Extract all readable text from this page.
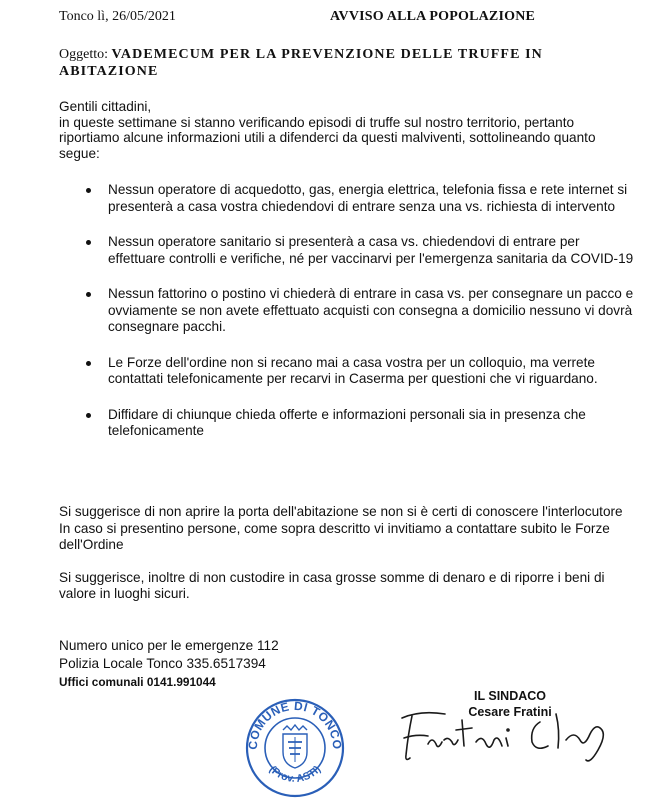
Tonco lì, 26/05/2021	AVVISO ALLA POPOLAZIONE
Oggetto: VADEMECUM PER LA PREVENZIONE DELLE TRUFFE IN ABITAZIONE
Gentili cittadini,
in queste settimane si stanno verificando episodi di truffe sul nostro territorio, pertanto riportiamo alcune informazioni utili a difenderci da questi malviventi, sottolineando quanto segue:
Nessun operatore di acquedotto, gas, energia elettrica, telefonia fissa e rete internet si presenterà a casa vostra chiedendovi di entrare senza una vs. richiesta di intervento
Nessun operatore sanitario si presenterà a casa vs. chiedendovi di entrare per effettuare controlli e verifiche, né per vaccinarvi per l'emergenza sanitaria da COVID-19
Nessun fattorino o postino vi chiederà di entrare in casa vs. per consegnare un pacco e ovviamente se non avete effettuato acquisti con consegna a domicilio nessuno vi dovrà consegnare pacchi.
Le Forze dell'ordine non si recano mai a casa vostra per un colloquio, ma verrete contattati telefonicamente per recarvi in Caserma per questioni che vi riguardano.
Diffidare di chiunque chieda offerte e informazioni personali sia in presenza che telefonicamente

Si suggerisce di non aprire la porta dell'abitazione se non si è certi di conoscere l'interlocutore

In caso si presentino persone, come sopra descritto vi invitiamo a contattare subito le Forze dell'Ordine

Si suggerisce, inoltre di non custodire in casa grosse somme di denaro e di riporre i beni di valore in luoghi sicuri.

Numero unico per le emergenze 112
Polizia Locale Tonco 335.6517394
Uffici comunali 0141.991044
COMUNE DI TONCO
(Prov. ASTI)
IL SINDACO
Cesare Fratini
